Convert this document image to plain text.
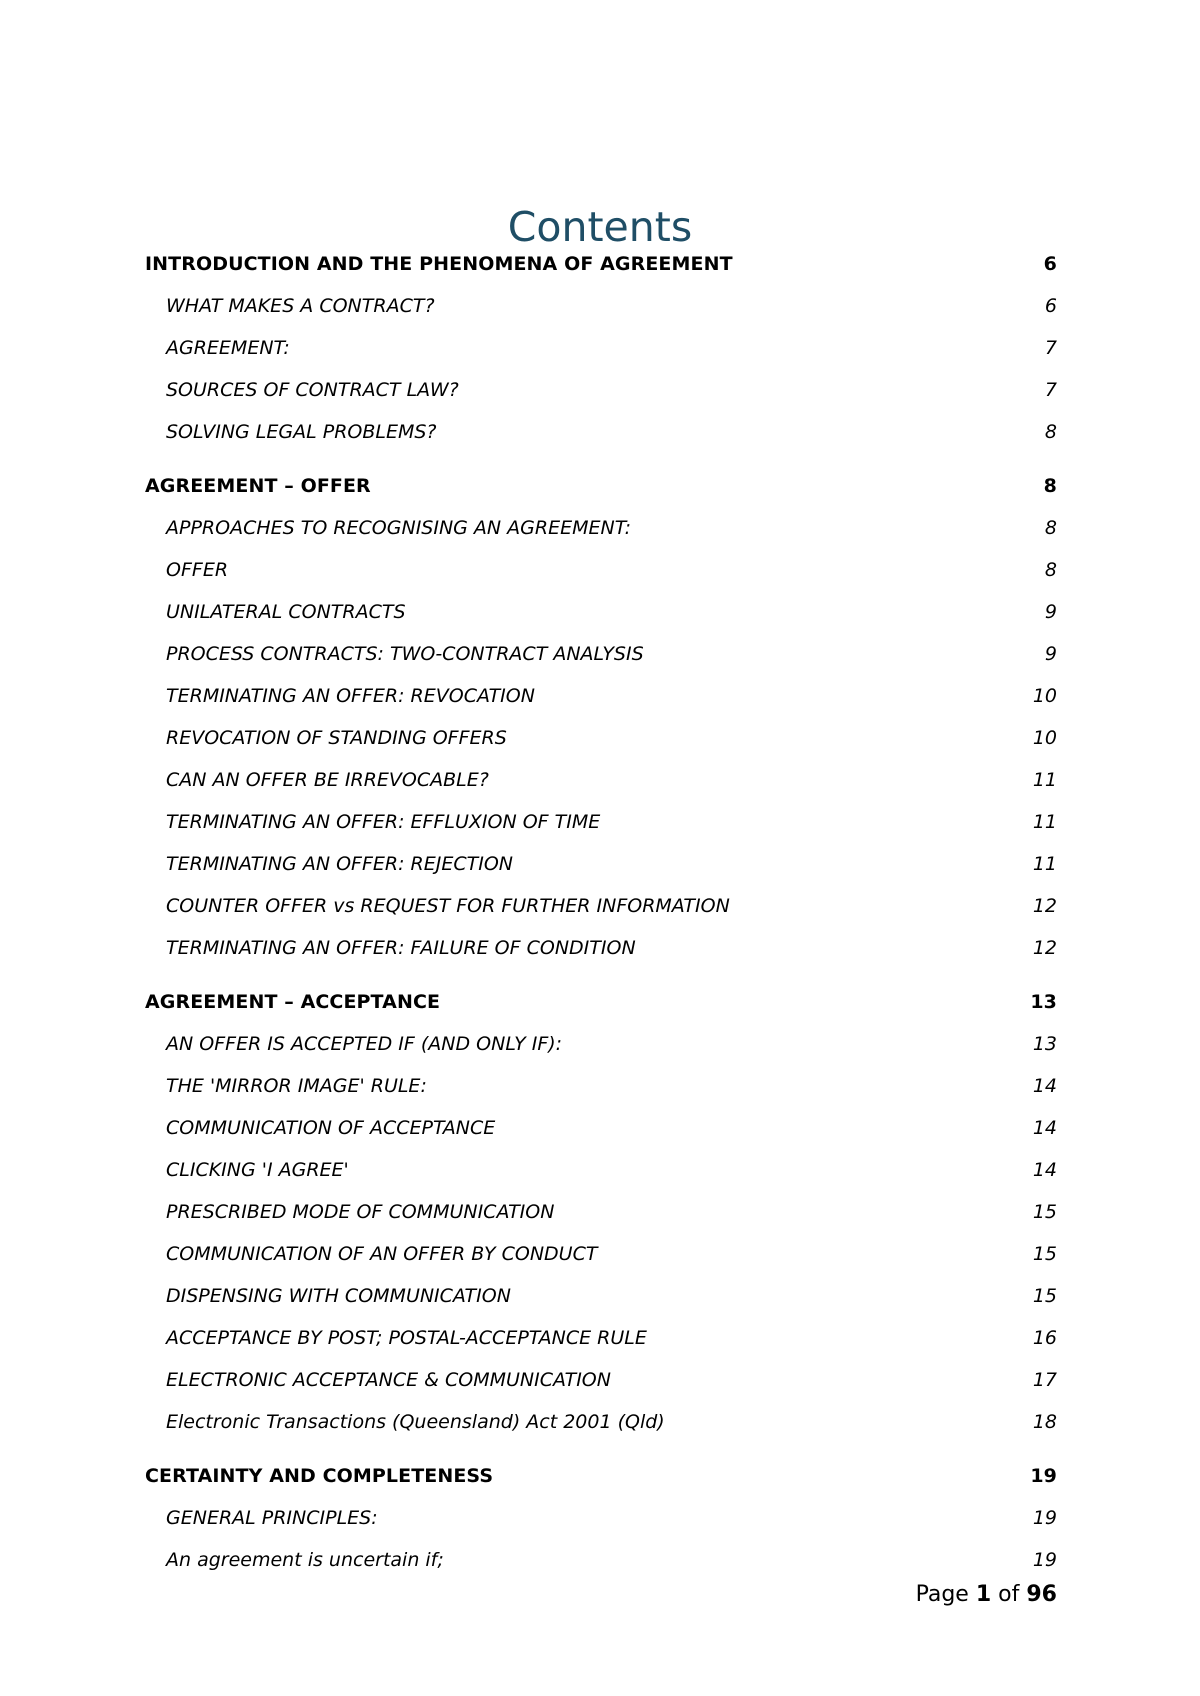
Contents
INTRODUCTION AND THE PHENOMENA OF AGREEMENT	6
WHAT MAKES A CONTRACT?	6
AGREEMENT:	7
SOURCES OF CONTRACT LAW?	7
SOLVING LEGAL PROBLEMS?	8
AGREEMENT – OFFER	8
APPROACHES TO RECOGNISING AN AGREEMENT:	8
OFFER	8
UNILATERAL CONTRACTS	9
PROCESS CONTRACTS: TWO-CONTRACT ANALYSIS	9
TERMINATING AN OFFER: REVOCATION	10
REVOCATION OF STANDING OFFERS	10
CAN AN OFFER BE IRREVOCABLE?	11
TERMINATING AN OFFER: EFFLUXION OF TIME	11
TERMINATING AN OFFER: REJECTION	11
COUNTER OFFER vs REQUEST FOR FURTHER INFORMATION	12
TERMINATING AN OFFER: FAILURE OF CONDITION	12
AGREEMENT – ACCEPTANCE	13
AN OFFER IS ACCEPTED IF (AND ONLY IF):	13
THE 'MIRROR IMAGE' RULE:	14
COMMUNICATION OF ACCEPTANCE	14
CLICKING 'I AGREE'	14
PRESCRIBED MODE OF COMMUNICATION	15
COMMUNICATION OF AN OFFER BY CONDUCT	15
DISPENSING WITH COMMUNICATION	15
ACCEPTANCE BY POST; POSTAL-ACCEPTANCE RULE	16
ELECTRONIC ACCEPTANCE & COMMUNICATION	17
Electronic Transactions (Queensland) Act 2001 (Qld)	18
CERTAINTY AND COMPLETENESS	19
GENERAL PRINCIPLES:	19
An agreement is uncertain if;	19
Page 1 of 96
